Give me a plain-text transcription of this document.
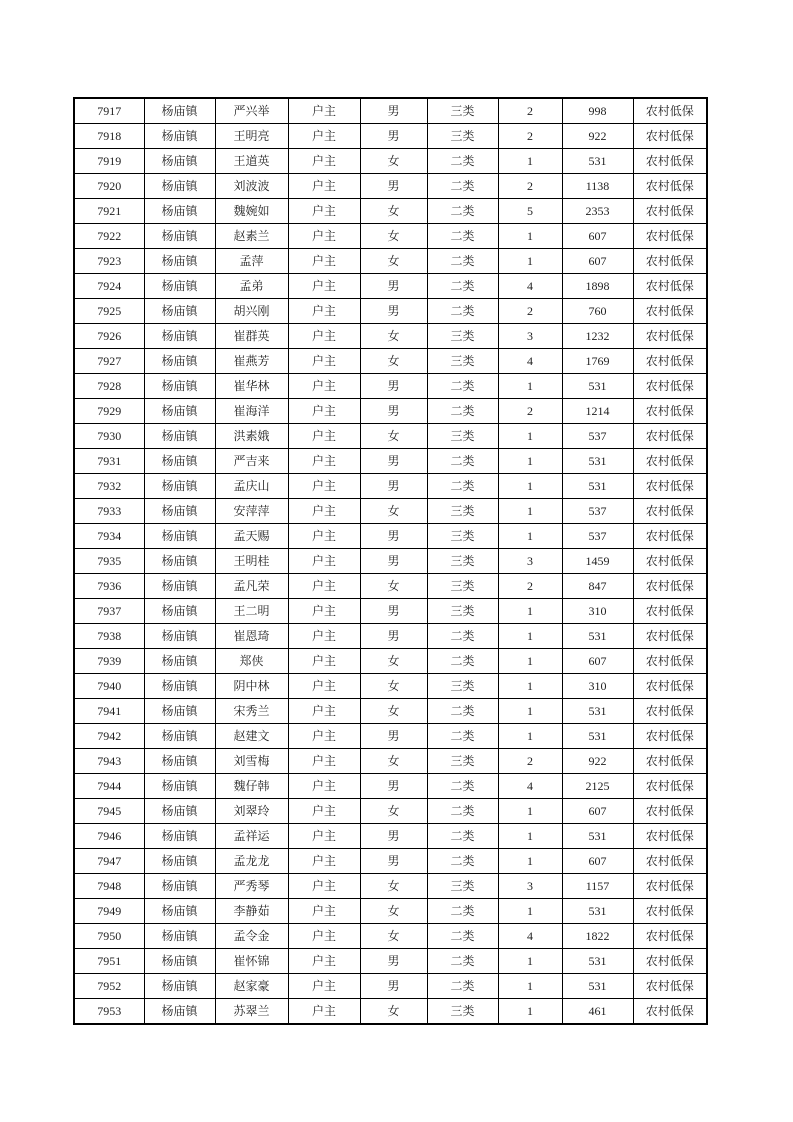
7917	杨庙镇	严兴举	户主	男	三类	2	998	农村低保
7918	杨庙镇	王明亮	户主	男	三类	2	922	农村低保
7919	杨庙镇	王道英	户主	女	二类	1	531	农村低保
7920	杨庙镇	刘波波	户主	男	二类	2	1138	农村低保
7921	杨庙镇	魏婉如	户主	女	二类	5	2353	农村低保
7922	杨庙镇	赵素兰	户主	女	二类	1	607	农村低保
7923	杨庙镇	孟萍	户主	女	二类	1	607	农村低保
7924	杨庙镇	孟弟	户主	男	二类	4	1898	农村低保
7925	杨庙镇	胡兴刚	户主	男	二类	2	760	农村低保
7926	杨庙镇	崔群英	户主	女	三类	3	1232	农村低保
7927	杨庙镇	崔燕芳	户主	女	三类	4	1769	农村低保
7928	杨庙镇	崔华林	户主	男	二类	1	531	农村低保
7929	杨庙镇	崔海洋	户主	男	二类	2	1214	农村低保
7930	杨庙镇	洪素娥	户主	女	三类	1	537	农村低保
7931	杨庙镇	严吉来	户主	男	二类	1	531	农村低保
7932	杨庙镇	孟庆山	户主	男	二类	1	531	农村低保
7933	杨庙镇	安萍萍	户主	女	三类	1	537	农村低保
7934	杨庙镇	孟天赐	户主	男	三类	1	537	农村低保
7935	杨庙镇	王明桂	户主	男	三类	3	1459	农村低保
7936	杨庙镇	孟凡荣	户主	女	三类	2	847	农村低保
7937	杨庙镇	王二明	户主	男	三类	1	310	农村低保
7938	杨庙镇	崔恩琦	户主	男	二类	1	531	农村低保
7939	杨庙镇	郑侠	户主	女	二类	1	607	农村低保
7940	杨庙镇	阴中林	户主	女	三类	1	310	农村低保
7941	杨庙镇	宋秀兰	户主	女	二类	1	531	农村低保
7942	杨庙镇	赵建文	户主	男	二类	1	531	农村低保
7943	杨庙镇	刘雪梅	户主	女	三类	2	922	农村低保
7944	杨庙镇	魏仔韩	户主	男	二类	4	2125	农村低保
7945	杨庙镇	刘翠玲	户主	女	二类	1	607	农村低保
7946	杨庙镇	孟祥运	户主	男	二类	1	531	农村低保
7947	杨庙镇	孟龙龙	户主	男	二类	1	607	农村低保
7948	杨庙镇	严秀琴	户主	女	三类	3	1157	农村低保
7949	杨庙镇	李静茹	户主	女	二类	1	531	农村低保
7950	杨庙镇	孟令金	户主	女	二类	4	1822	农村低保
7951	杨庙镇	崔怀锦	户主	男	二类	1	531	农村低保
7952	杨庙镇	赵家豪	户主	男	二类	1	531	农村低保
7953	杨庙镇	苏翠兰	户主	女	三类	1	461	农村低保
